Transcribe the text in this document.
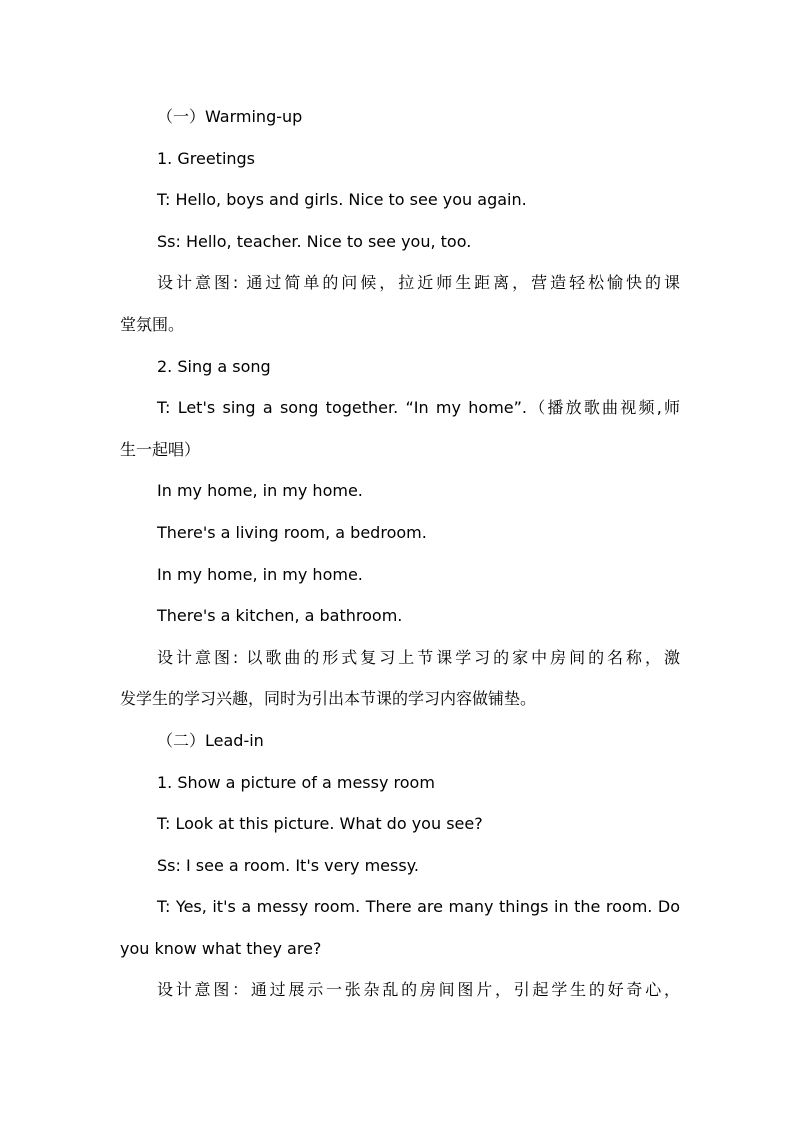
（一）Warming-up
1. Greetings
T: Hello, boys and girls. Nice to see you again.
Ss: Hello, teacher. Nice to see you, too.
设计意图: 通过简单的问候，拉近师生距离，营造轻松愉快的课
堂氛围。
2. Sing a song
T: Let's sing a song together. “In my home”.（播放歌曲视频,师
生一起唱）
In my home, in my home.
There's a living room, a bedroom.
In my home, in my home.
There's a kitchen, a bathroom.
设计意图: 以歌曲的形式复习上节课学习的家中房间的名称，激
发学生的学习兴趣，同时为引出本节课的学习内容做铺垫。
（二）Lead-in
1. Show a picture of a messy room
T: Look at this picture. What do you see?
Ss: I see a room. It's very messy.
T: Yes, it's a messy room. There are many things in the room. Do
you know what they are?
设计意图：通过展示一张杂乱的房间图片，引起学生的好奇心，
